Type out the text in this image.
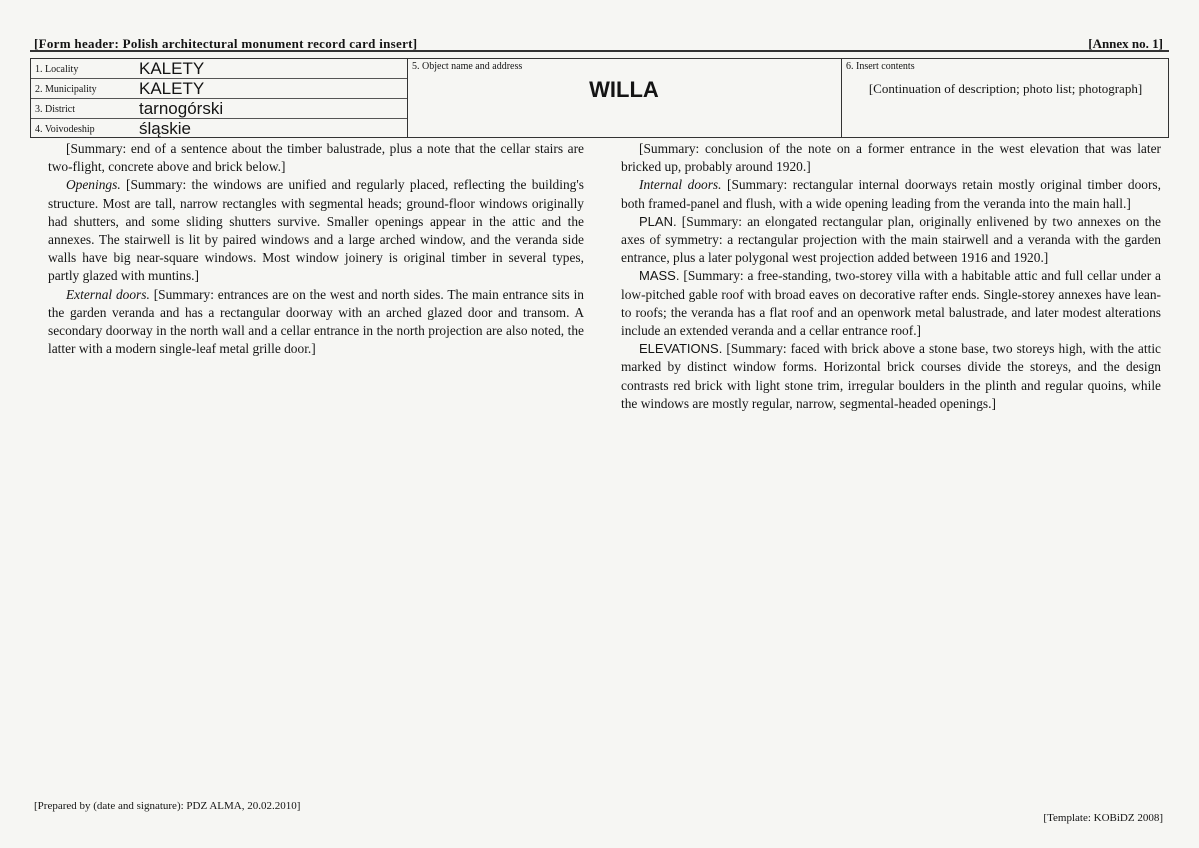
[Form header: Polish architectural monument record card insert]	[Annex no. 1]
1. Locality	KALETY
2. Municipality KALETY
3. District	tarnogórski
4. Voivodeship	śląskie
5. Object name and address
WILLA
6. Insert contents
[Continuation of description; photo list; photograph]

[Summary: end of a sentence about the timber balustrade, plus a note that the cellar stairs are two-flight, concrete above and brick below.]

Openings. [Summary: the windows are unified and regularly placed, reflecting the building's structure. Most are tall, narrow rectangles with segmental heads; ground-floor windows originally had shutters, and some sliding shutters survive. Smaller openings appear in the attic and the annexes. The stairwell is lit by paired windows and a large arched window, and the veranda side walls have big near-square windows. Most window joinery is original timber in several types, partly glazed with muntins.]

External doors. [Summary: entrances are on the west and north sides. The main entrance sits in the garden veranda and has a rectangular doorway with an arched glazed door and transom. A secondary doorway in the north wall and a cellar entrance in the north projection are also noted, the latter with a modern single-leaf metal grille door.]

[Summary: conclusion of the note on a former entrance in the west elevation that was later bricked up, probably around 1920.]

Internal doors. [Summary: rectangular internal doorways retain mostly original timber doors, both framed-panel and flush, with a wide opening leading from the veranda into the main hall.]

PLAN. [Summary: an elongated rectangular plan, originally enlivened by two annexes on the axes of symmetry: a rectangular projection with the main stairwell and a veranda with the garden entrance, plus a later polygonal west projection added between 1916 and 1920.]

MASS. [Summary: a free-standing, two-storey villa with a habitable attic and full cellar under a low-pitched gable roof with broad eaves on decorative rafter ends. Single-storey annexes have lean-to roofs; the veranda has a flat roof and an openwork metal balustrade, and later modest alterations include an extended veranda and a cellar entrance roof.]

ELEVATIONS. [Summary: faced with brick above a stone base, two storeys high, with the attic marked by distinct window forms. Horizontal brick courses divide the storeys, and the design contrasts red brick with light stone trim, irregular boulders in the plinth and regular quoins, while the windows are mostly regular, narrow, segmental-headed openings.]

[Prepared by (date and signature): PDZ ALMA, 20.02.2010]
[Template: KOBiDZ 2008]
